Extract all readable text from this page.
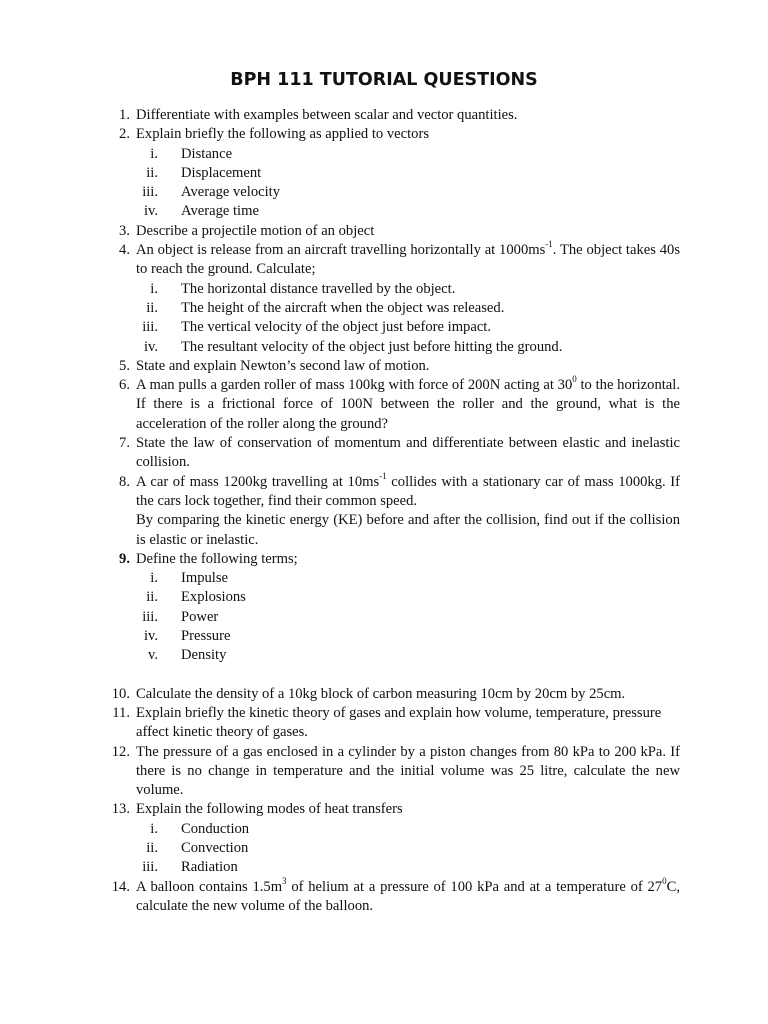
BPH 111 TUTORIAL QUESTIONS
1. Differentiate with examples between scalar and vector quantities.
2. Explain briefly the following as applied to vectors
i. Distance
ii. Displacement
iii. Average velocity
iv. Average time
3. Describe a projectile motion of an object
4. An object is release from an aircraft travelling horizontally at $1000ms^{-1}$. The object takes 40s to reach the ground. Calculate;
i. The horizontal distance travelled by the object.
ii. The height of the aircraft when the object was released.
iii. The vertical velocity of the object just before impact.
iv. The resultant velocity of the object just before hitting the ground.
5. State and explain Newton’s second law of motion.
6. A man pulls a garden roller of mass 100kg with force of 200N acting at $30^0$ to the horizontal. If there is a frictional force of 100N between the roller and the ground, what is the acceleration of the roller along the ground?
7. State the law of conservation of momentum and differentiate between elastic and inelastic collision.
8. A car of mass 1200kg travelling at $10ms^{-1}$ collides with a stationary car of mass 1000kg. If the cars lock together, find their common speed.
By comparing the kinetic energy (KE) before and after the collision, find out if the collision is elastic or inelastic.
9. Define the following terms;
i. Impulse
ii. Explosions
iii. Power
iv. Pressure
v. Density
10. Calculate the density of a 10kg block of carbon measuring 10cm by 20cm by 25cm.
11. Explain briefly the kinetic theory of gases and explain how volume, temperature, pressure affect kinetic theory of gases.
12. The pressure of a gas enclosed in a cylinder by a piston changes from 80 kPa to 200 kPa. If there is no change in temperature and the initial volume was 25 litre, calculate the new volume.
13. Explain the following modes of heat transfers
i. Conduction
ii. Convection
iii. Radiation
14. A balloon contains $1.5m^3$ of helium at a pressure of 100 kPa and at a temperature of $27^0C$, calculate the new volume of the balloon.
